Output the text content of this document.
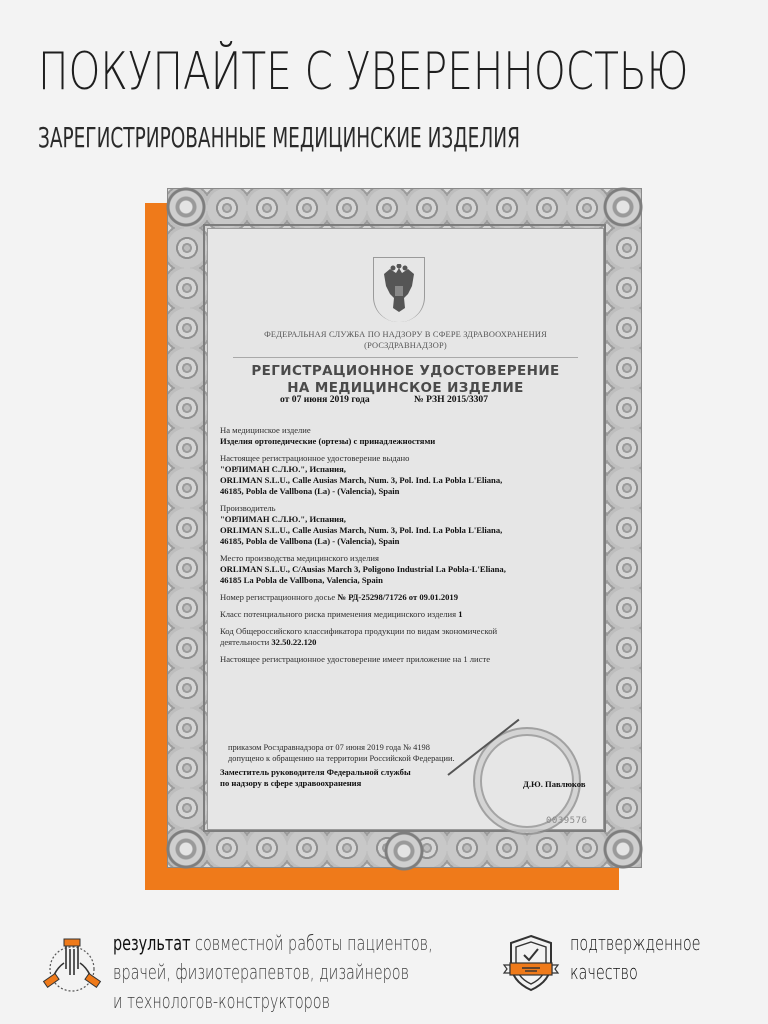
ПОКУПАЙТЕ С УВЕРЕННОСТЬЮ
ЗАРЕГИСТРИРОВАННЫЕ МЕДИЦИНСКИЕ ИЗДЕЛИЯ
ФЕДЕРАЛЬНАЯ СЛУЖБА ПО НАДЗОРУ В СФЕРЕ ЗДРАВООХРАНЕНИЯ
(РОСЗДРАВНАДЗОР)
РЕГИСТРАЦИОННОЕ УДОСТОВЕРЕНИЕ
НА МЕДИЦИНСКОЕ ИЗДЕЛИЕ
от 07 июня 2019 года	№ РЗН 2015/3307
На медицинское изделие
Изделия ортопедические (ортезы) с принадлежностями
Настоящее регистрационное удостоверение выдано
"ОРЛИМАН С.Л.Ю.", Испания,
ORLIMAN S.L.U., Calle Ausias March, Num. 3, Pol. Ind. La Pobla L'Eliana,
46185, Pobla de Vallbona (La) - (Valencia), Spain
Производитель
"ОРЛИМАН С.Л.Ю.", Испания,
ORLIMAN S.L.U., Calle Ausias March, Num. 3, Pol. Ind. La Pobla L'Eliana,
46185, Pobla de Vallbona (La) - (Valencia), Spain
Место производства медицинского изделия
ORLIMAN S.L.U., C/Ausias March 3, Poligono Industrial La Pobla-L'Eliana,
46185 La Pobla de Vallbona, Valencia, Spain
Номер регистрационного досье № РД-25298/71726 от 09.01.2019
Класс потенциального риска применения медицинского изделия 1
Код Общероссийского классификатора продукции по видам экономической
деятельности 32.50.22.120
Настоящее регистрационное удостоверение имеет приложение на 1 листе
приказом Росздравнадзора от 07 июня 2019 года № 4198
допущено к обращению на территории Российской Федерации.
Заместитель руководителя Федеральной службы
по надзору в сфере здравоохранения	Д.Ю. Павлюков
0039576
результат совместной работы пациентов,
врачей, физиотерапевтов, дизайнеров
и технологов-конструкторов
подтвержденное
качество
